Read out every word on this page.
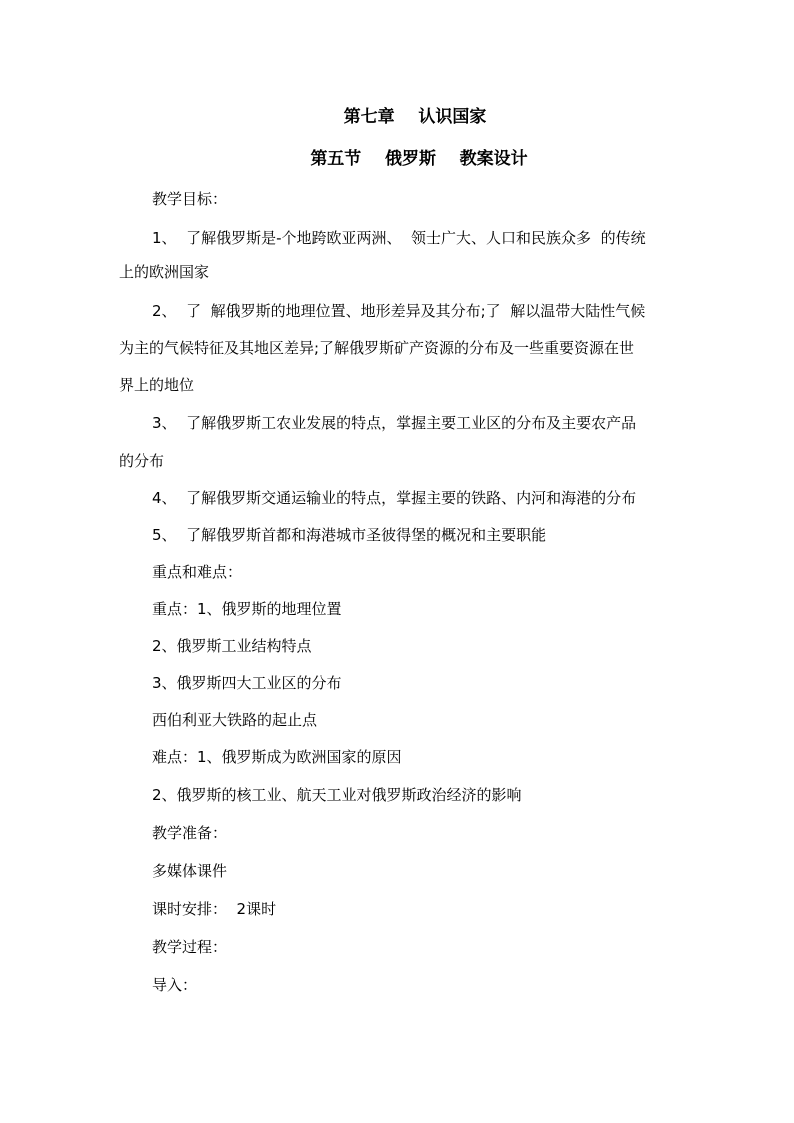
第七章    认识国家
第五节    俄罗斯    教案设计
教学目标：
1、  了解俄罗斯是-个地跨欧亚两洲、  领士广大、人口和民族众多  的传统
上的欧洲国家
2、  了  解俄罗斯的地理位置、地形差异及其分布;了  解以温带大陆性气候
为主的气候特征及其地区差异;了解俄罗斯矿产资源的分布及一些重要资源在世
界上的地位
3、  了解俄罗斯工农业发展的特点，掌握主要工业区的分布及主要农产品
的分布
4、  了解俄罗斯交通运输业的特点，掌握主要的铁路、内河和海港的分布
5、  了解俄罗斯首都和海港城市圣彼得堡的概况和主要职能
重点和难点：
重点：1、俄罗斯的地理位置
2、俄罗斯工业结构特点
3、俄罗斯四大工业区的分布
西伯利亚大铁路的起止点
难点：1、俄罗斯成为欧洲国家的原因
2、俄罗斯的核工业、航天工业对俄罗斯政治经济的影响
教学准备：
多媒体课件
课时安排：  2课时
教学过程：
导入：
